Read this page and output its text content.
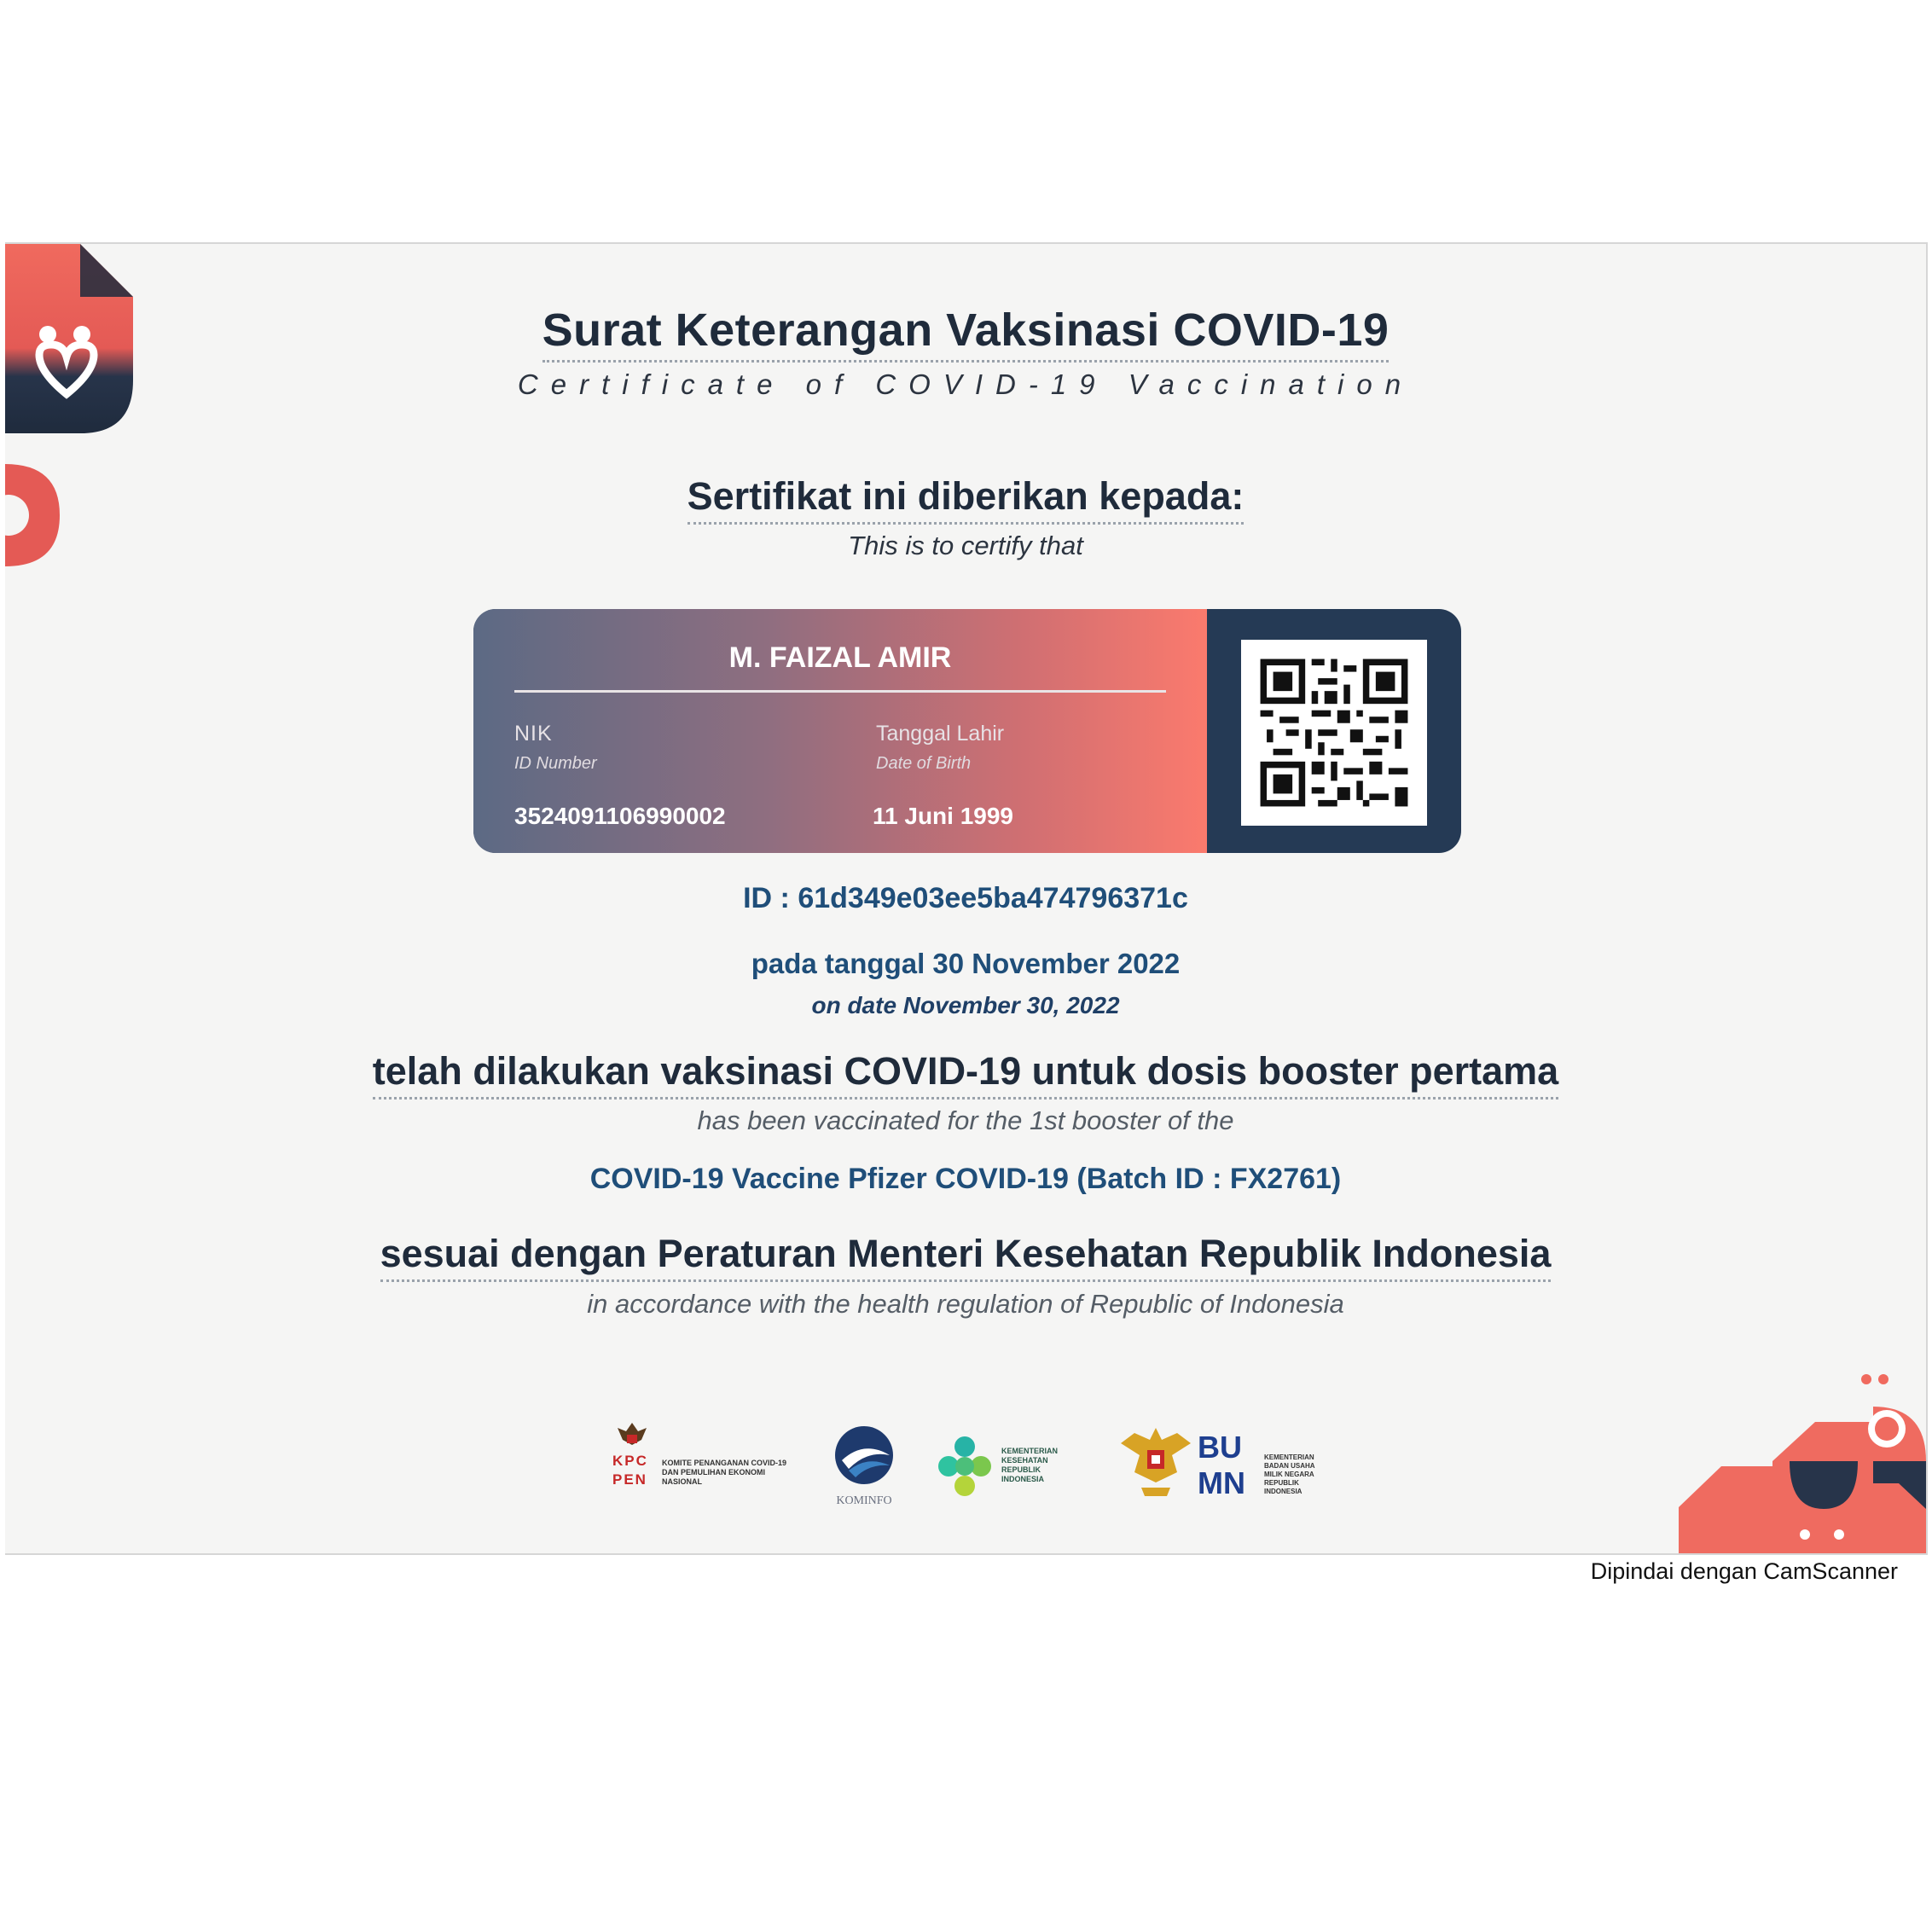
Surat Keterangan Vaksinasi COVID-19
Certificate of COVID-19 Vaccination
Sertifikat ini diberikan kepada:
This is to certify that
M. FAIZAL AMIR
NIK
ID Number
3524091106990002
Tanggal Lahir
Date of Birth
11 Juni 1999
ID : 61d349e03ee5ba474796371c
pada tanggal 30 November 2022
on date November 30, 2022
telah dilakukan vaksinasi COVID-19 untuk dosis booster pertama
has been vaccinated for the 1st booster of the
COVID-19 Vaccine Pfizer COVID-19 (Batch ID : FX2761)
sesuai dengan Peraturan Menteri Kesehatan Republik Indonesia
in accordance with the health regulation of Republic of Indonesia
KPC PEN
KOMITE PENANGANAN COVID-19 DAN PEMULIHAN EKONOMI NASIONAL
KOMINFO
KEMENTERIAN KESEHATAN REPUBLIK INDONESIA
BUMN
KEMENTERIAN BADAN USAHA MILIK NEGARA REPUBLIK INDONESIA
Dipindai dengan CamScanner
